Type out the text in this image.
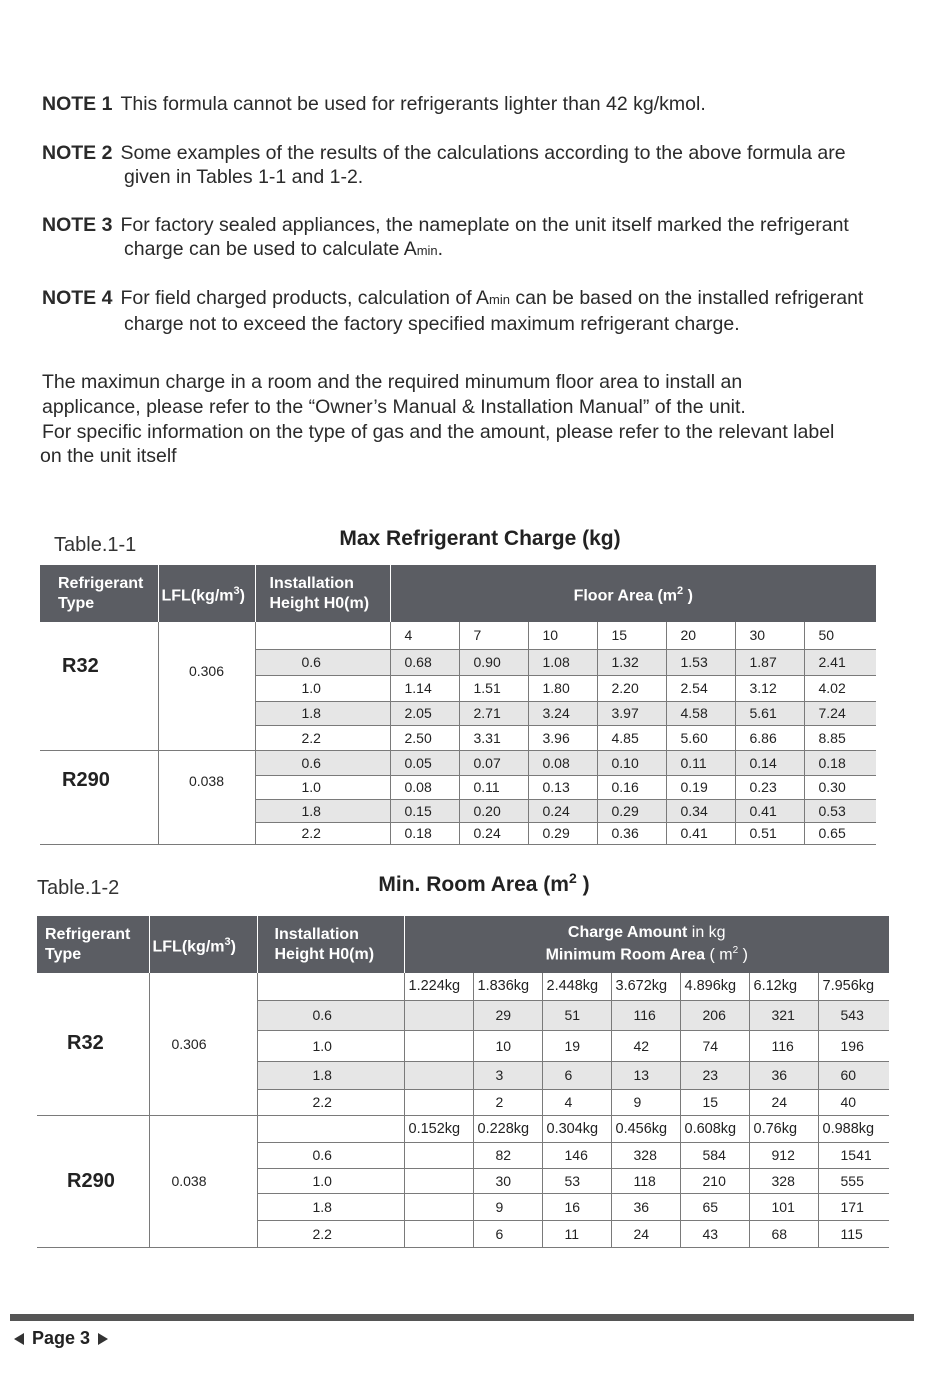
NOTE 1 This formula cannot be used for refrigerants lighter than 42 kg/kmol.
NOTE 2 Some examples of the results of the calculations according to the above formula are
given in Tables 1-1 and 1-2.
NOTE 3 For factory sealed appliances, the nameplate on the unit itself marked the refrigerant
charge can be used to calculate Amin.
NOTE 4 For field charged products, calculation of Amin can be based on the installed refrigerant
charge not to exceed the factory specified maximum refrigerant charge.
The maximun charge in a room and the required minumum floor area to install an
applicance, please refer to the “Owner’s Manual & Installation Manual” of the unit.
For specific information on the type of gas and the amount, please refer to the relevant label
on the unit itself
Table.1-1	Max Refrigerant Charge (kg)
Refrigerant
Type	$LFL(kg/m^3)$	Installation
Height H0(m)	Floor Area ($m^2$ )						
			4	7	10	15	20	30	50
R32	0.306	0.6	0.68	0.90	1.08	1.32	1.53	1.87	2.41
		1.0	1.14	1.51	1.80	2.20	2.54	3.12	4.02
		1.8	2.05	2.71	3.24	3.97	4.58	5.61	7.24
		2.2	2.50	3.31	3.96	4.85	5.60	6.86	8.85
R290	0.038	0.6	0.05	0.07	0.08	0.10	0.11	0.14	0.18
		1.0	0.08	0.11	0.13	0.16	0.19	0.23	0.30
		1.8	0.15	0.20	0.24	0.29	0.34	0.41	0.53
		2.2	0.18	0.24	0.29	0.36	0.41	0.51	0.65
Table.1-2	Min. Room Area ($m^2$ )
Refrigerant
Type	$LFL(kg/m^3)$	Installation
Height H0(m)	Charge Amount in kg
Minimum Room Area ( $m^2$ )						
R32	0.306		1.224kg	1.836kg	2.448kg	3.672kg	4.896kg	6.12kg	7.956kg
		0.6		29	51	116	206	321	543
		1.0		10	19	42	74	116	196
		1.8		3	6	13	23	36	60
		2.2		2	4	9	15	24	40
R290	0.038		0.152kg	0.228kg	0.304kg	0.456kg	0.608kg	0.76kg	0.988kg
		0.6		82	146	328	584	912	1541
		1.0		30	53	118	210	328	555
		1.8		9	16	36	65	101	171
		2.2		6	11	24	43	68	115
Page 3
